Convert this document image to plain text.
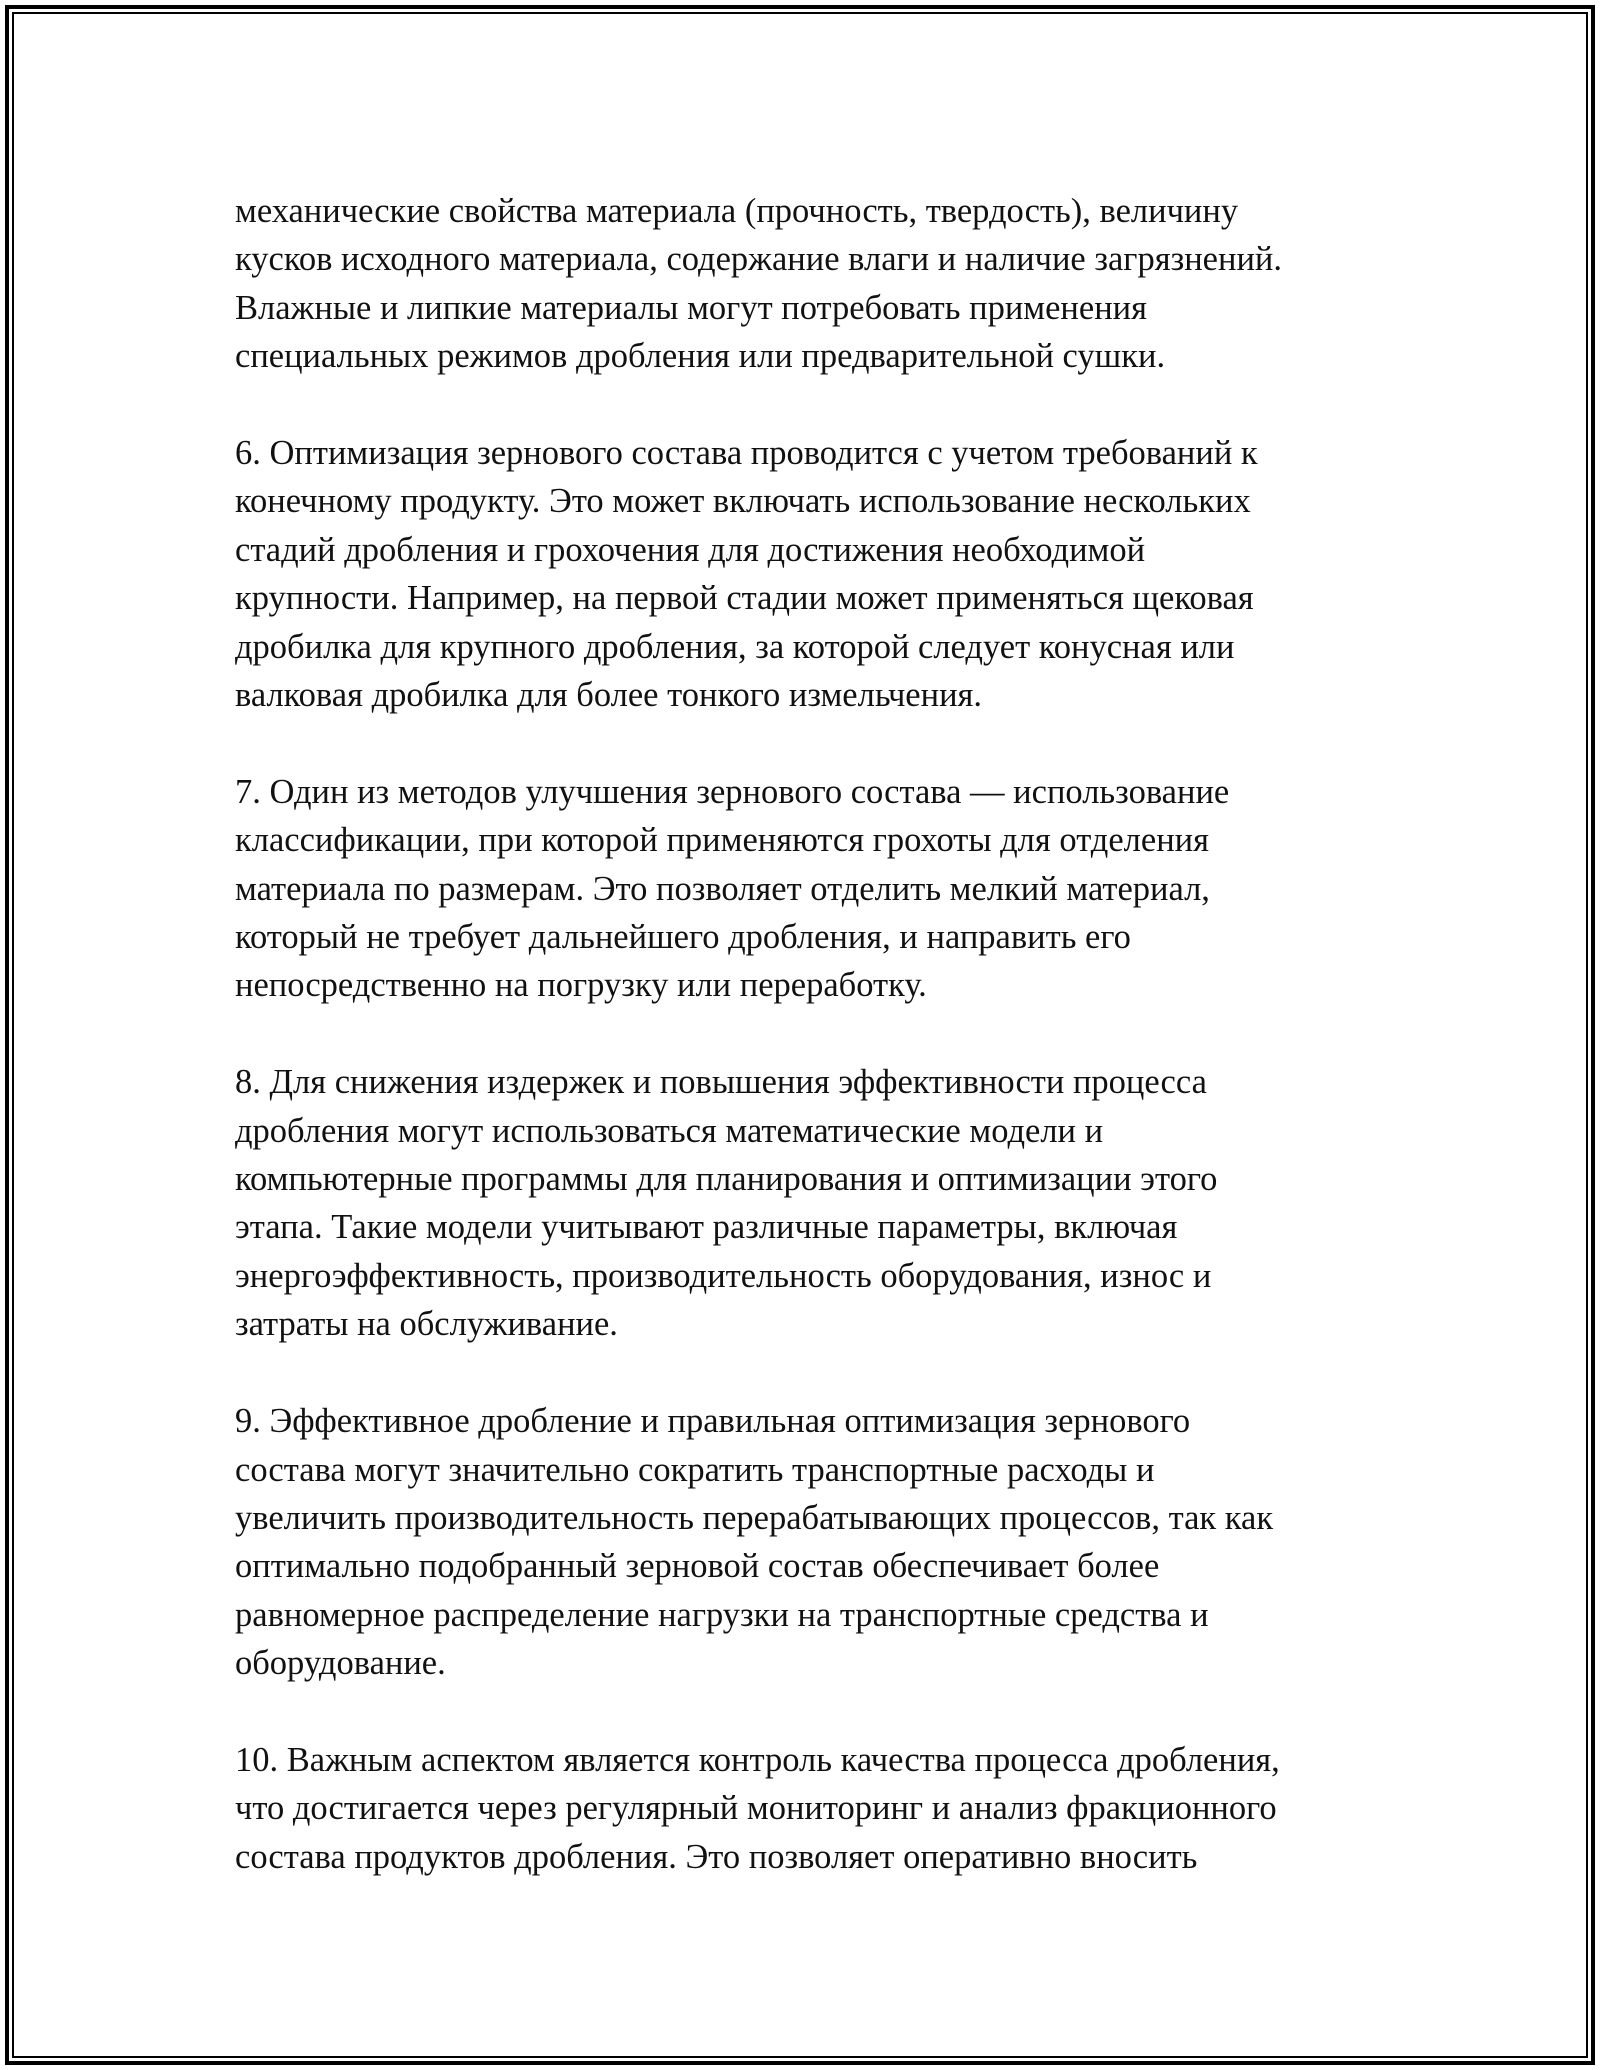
механические свойства материала (прочность, твердость), величину
кусков исходного материала, содержание влаги и наличие загрязнений.
Влажные и липкие материалы могут потребовать применения
специальных режимов дробления или предварительной сушки.
6. Оптимизация зернового состава проводится с учетом требований к
конечному продукту. Это может включать использование нескольких
стадий дробления и грохочения для достижения необходимой
крупности. Например, на первой стадии может применяться щековая
дробилка для крупного дробления, за которой следует конусная или
валковая дробилка для более тонкого измельчения.
7. Один из методов улучшения зернового состава — использование
классификации, при которой применяются грохоты для отделения
материала по размерам. Это позволяет отделить мелкий материал,
который не требует дальнейшего дробления, и направить его
непосредственно на погрузку или переработку.
8. Для снижения издержек и повышения эффективности процесса
дробления могут использоваться математические модели и
компьютерные программы для планирования и оптимизации этого
этапа. Такие модели учитывают различные параметры, включая
энергоэффективность, производительность оборудования, износ и
затраты на обслуживание.
9. Эффективное дробление и правильная оптимизация зернового
состава могут значительно сократить транспортные расходы и
увеличить производительность перерабатывающих процессов, так как
оптимально подобранный зерновой состав обеспечивает более
равномерное распределение нагрузки на транспортные средства и
оборудование.
10. Важным аспектом является контроль качества процесса дробления,
что достигается через регулярный мониторинг и анализ фракционного
состава продуктов дробления. Это позволяет оперативно вносить
